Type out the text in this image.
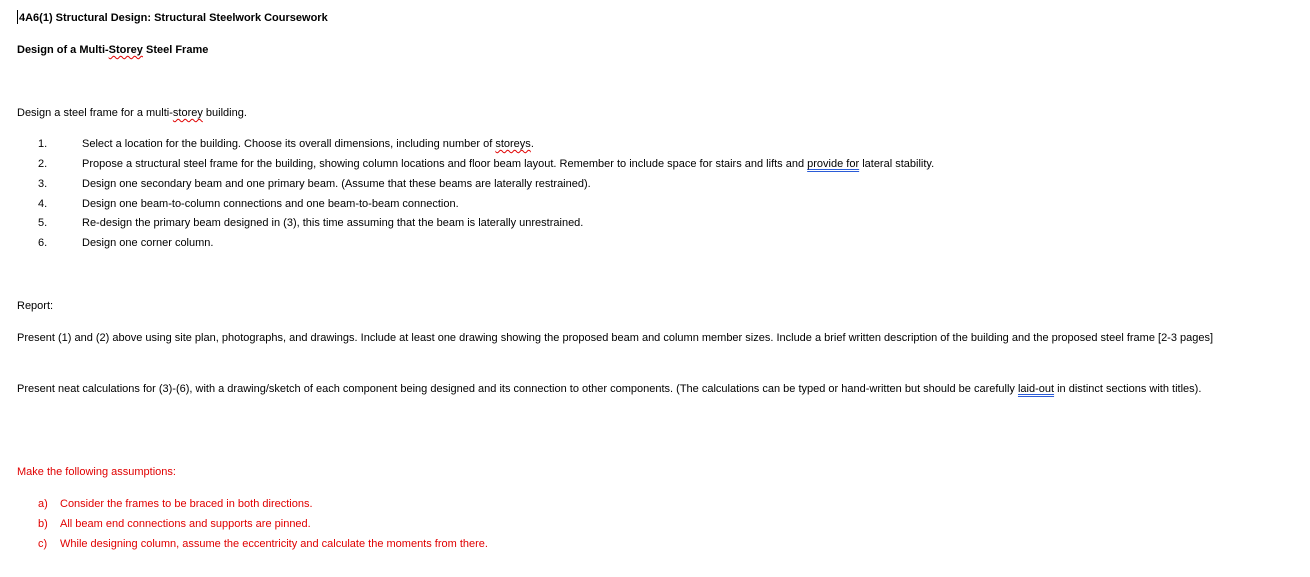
4A6(1) Structural Design: Structural Steelwork Coursework
Design of a Multi-Storey Steel Frame
Design a steel frame for a multi-storey building.
1.	Select a location for the building. Choose its overall dimensions, including number of storeys.
2.	Propose a structural steel frame for the building, showing column locations and floor beam layout. Remember to include space for stairs and lifts and provide for lateral stability.
3.	Design one secondary beam and one primary beam. (Assume that these beams are laterally restrained).
4.	Design one beam-to-column connections and one beam-to-beam connection.
5.	Re-design the primary beam designed in (3), this time assuming that the beam is laterally unrestrained.
6.	Design one corner column.
Report:
Present (1) and (2) above using site plan, photographs, and drawings. Include at least one drawing showing the proposed beam and column member sizes. Include a brief written description of the building and the proposed steel frame [2-3 pages]
Present neat calculations for (3)-(6), with a drawing/sketch of each component being designed and its connection to other components. (The calculations can be typed or hand-written but should be carefully laid-out in distinct sections with titles).
Make the following assumptions:
a) Consider the frames to be braced in both directions.
b) All beam end connections and supports are pinned.
c) While designing column, assume the eccentricity and calculate the moments from there.
